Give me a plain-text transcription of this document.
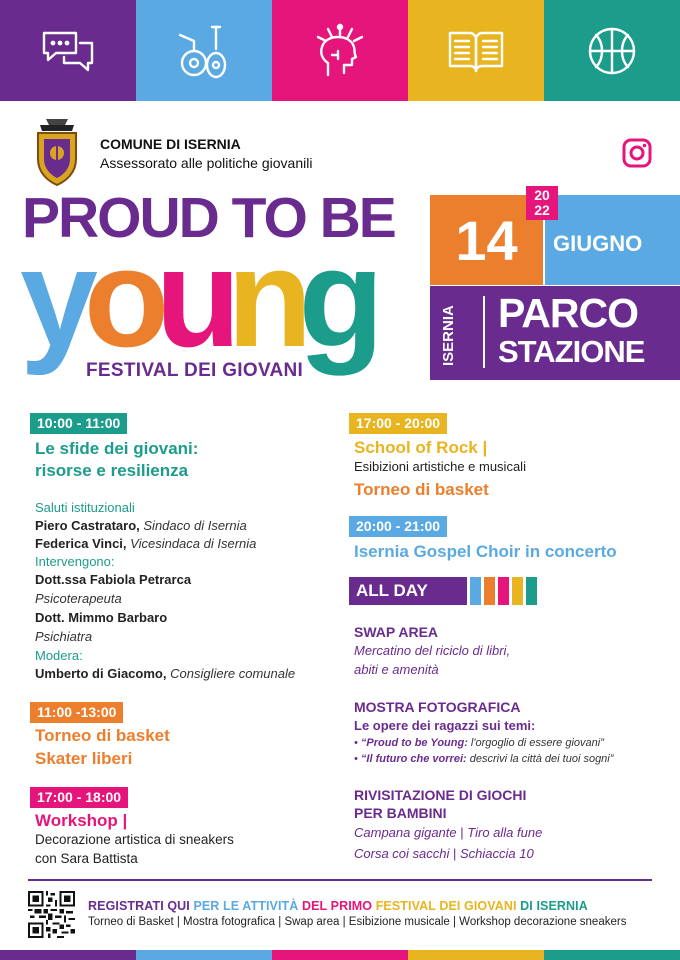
COMUNE DI ISERNIA
Assessorato alle politiche giovanili
PROUD TO BE
young
FESTIVAL DEI GIOVANI
14
20
22
GIUGNO
ISERNIA PARCO
STAZIONE
10:00 - 11:00
Le sfide dei giovani:
risorse e resilienza
Saluti istituzionali
Piero Castrataro, Sindaco di Isernia
Federica Vinci, Vicesindaca di Isernia
Intervengono:
Dott.ssa Fabiola Petrarca
Psicoterapeuta
Dott. Mimmo Barbaro
Psichiatra
Modera:
Umberto di Giacomo, Consigliere comunale
11:00 -13:00
Torneo di basket
Skater liberi
17:00 - 18:00
Workshop |
Decorazione artistica di sneakers
con Sara Battista
17:00 - 20:00
School of Rock |
Esibizioni artistiche e musicali
Torneo di basket
20:00 - 21:00
Isernia Gospel Choir in concerto
ALL DAY
SWAP AREA
Mercatino del riciclo di libri,
abiti e amenità
MOSTRA FOTOGRAFICA
Le opere dei ragazzi sui temi:
• “Proud to be Young: l'orgoglio di essere giovani”
• “Il futuro che vorrei: descrivi la città dei tuoi sogni”
RIVISITAZIONE DI GIOCHI
PER BAMBINI
Campana gigante | Tiro alla fune
Corsa coi sacchi | Schiaccia 10
REGISTRATI QUI PER LE ATTIVITÀ DEL PRIMO FESTIVAL DEI GIOVANI DI ISERNIA
Torneo di Basket | Mostra fotografica | Swap area | Esibizione musicale | Workshop decorazione sneakers
